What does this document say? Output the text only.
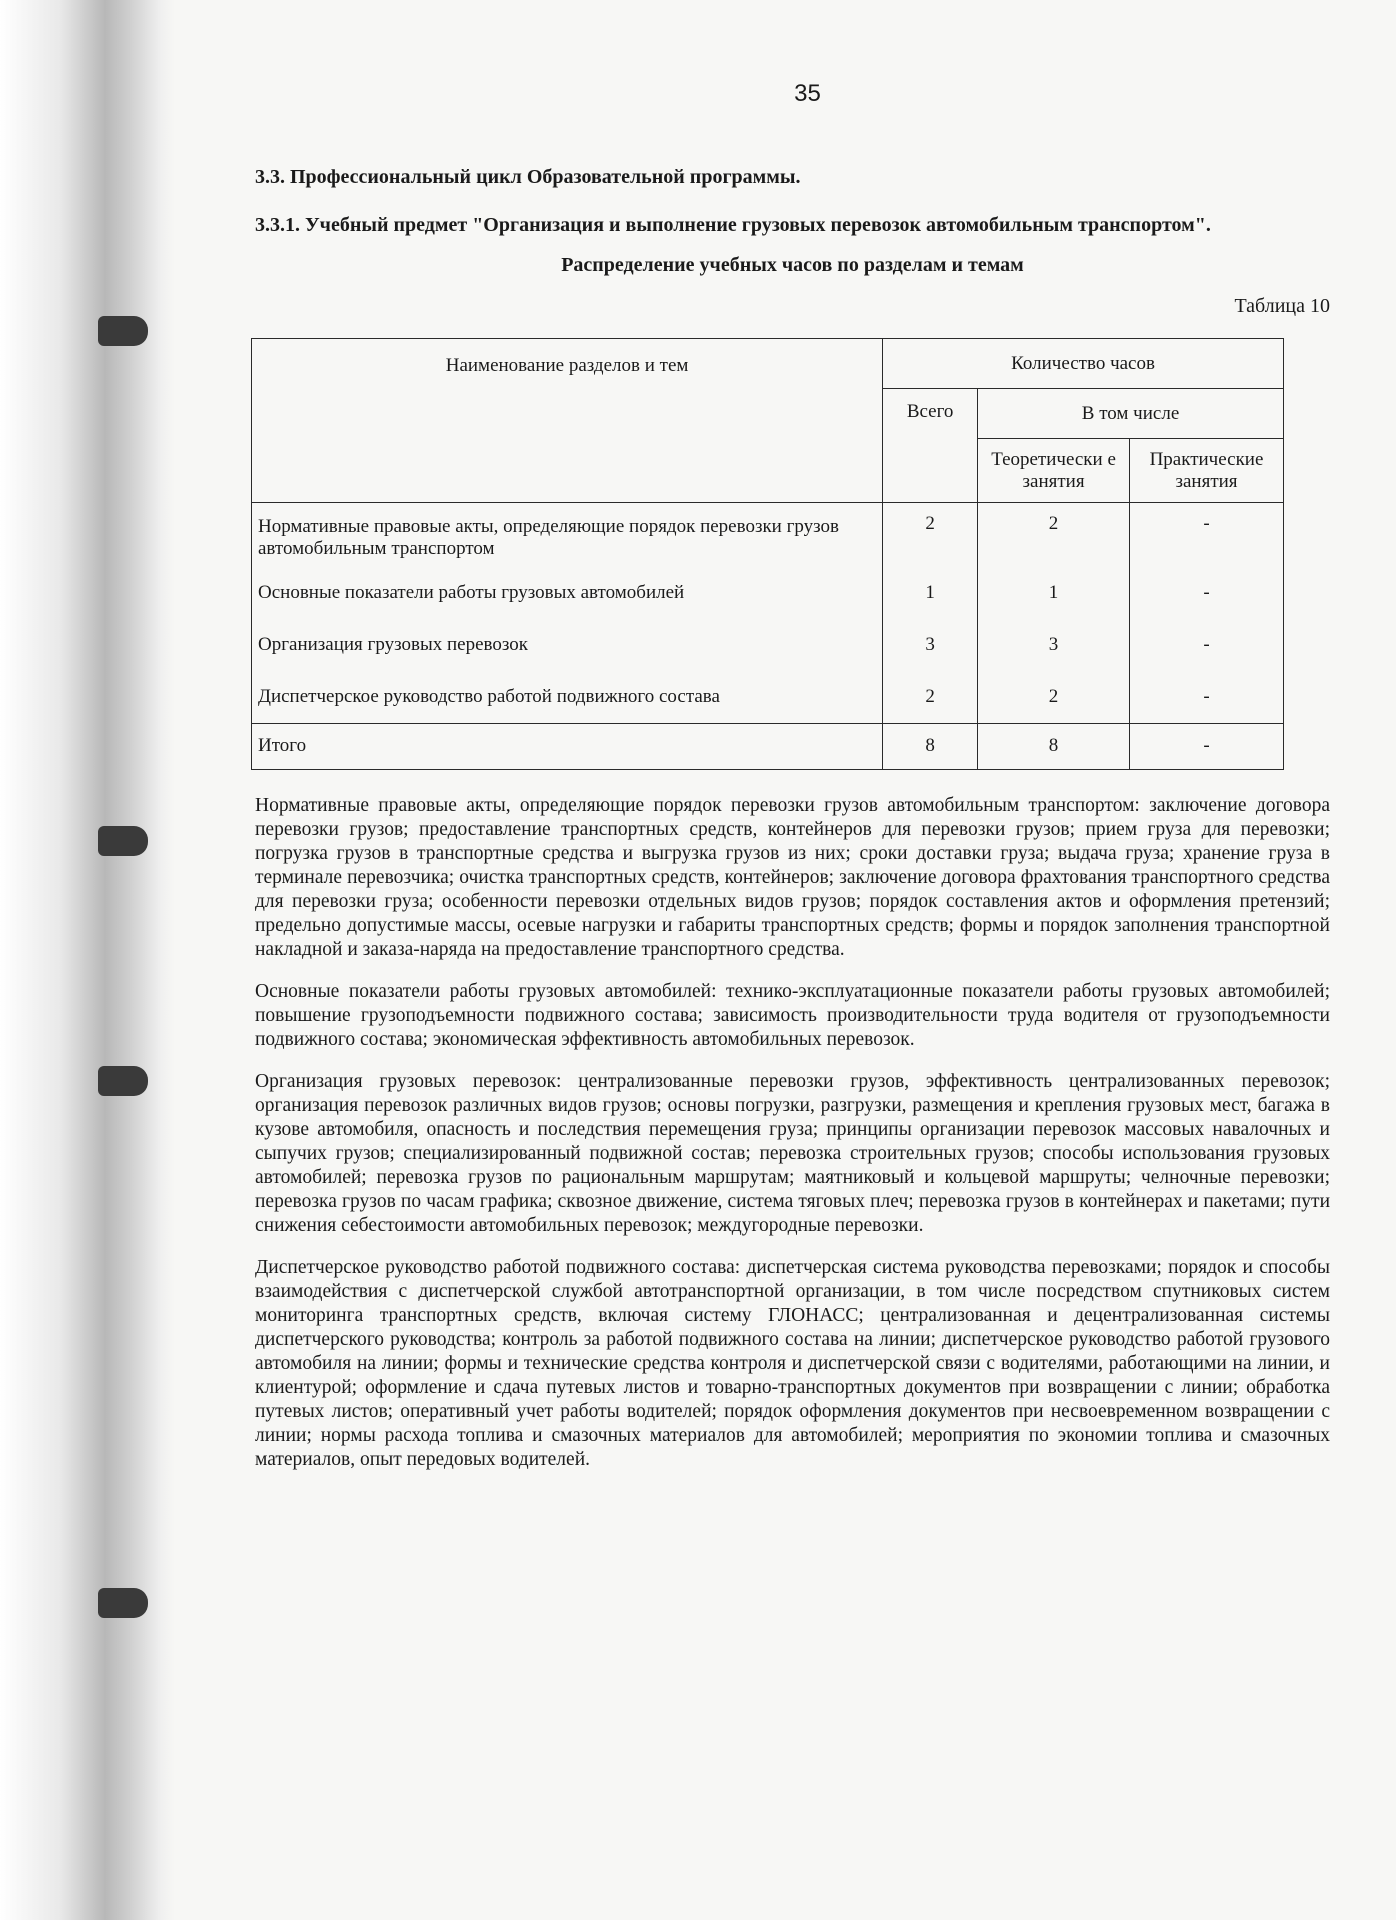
35
3.3. Профессиональный цикл Образовательной программы.
3.3.1. Учебный предмет "Организация и выполнение грузовых перевозок автомобильным транспортом".
Распределение учебных часов по разделам и темам
Таблица 10
Наименование разделов и тем	Количество часов		
	Всего	В том числе	
		Теоретически е занятия	Практические занятия
Нормативные правовые акты, определяющие порядок перевозки грузов автомобильным транспортом	2	2	-
Основные показатели работы грузовых автомобилей	1	1	-
Организация грузовых перевозок	3	3	-
Диспетчерское руководство работой подвижного состава	2	2	-
Итого	8	8	-

Нормативные правовые акты, определяющие порядок перевозки грузов автомобильным транспортом: заключение договора перевозки грузов; предоставление транспортных средств, контейнеров для перевозки грузов; прием груза для перевозки; погрузка грузов в транспортные средства и выгрузка грузов из них; сроки доставки груза; выдача груза; хранение груза в терминале перевозчика; очистка транспортных средств, контейнеров; заключение договора фрахтования транспортного средства для перевозки груза; особенности перевозки отдельных видов грузов; порядок составления актов и оформления претензий; предельно допустимые массы, осевые нагрузки и габариты транспортных средств; формы и порядок заполнения транспортной накладной и заказа-наряда на предоставление транспортного средства.

Основные показатели работы грузовых автомобилей: технико-эксплуатационные показатели работы грузовых автомобилей; повышение грузоподъемности подвижного состава; зависимость производительности труда водителя от грузоподъемности подвижного состава; экономическая эффективность автомобильных перевозок.

Организация грузовых перевозок: централизованные перевозки грузов, эффективность централизованных перевозок; организация перевозок различных видов грузов; основы погрузки, разгрузки, размещения и крепления грузовых мест, багажа в кузове автомобиля, опасность и последствия перемещения груза; принципы организации перевозок массовых навалочных и сыпучих грузов; специализированный подвижной состав; перевозка строительных грузов; способы использования грузовых автомобилей; перевозка грузов по рациональным маршрутам; маятниковый и кольцевой маршруты; челночные перевозки; перевозка грузов по часам графика; сквозное движение, система тяговых плеч; перевозка грузов в контейнерах и пакетами; пути снижения себестоимости автомобильных перевозок; междугородные перевозки.

Диспетчерское руководство работой подвижного состава: диспетчерская система руководства перевозками; порядок и способы взаимодействия с диспетчерской службой автотранспортной организации, в том числе посредством спутниковых систем мониторинга транспортных средств, включая систему ГЛОНАСС; централизованная и децентрализованная системы диспетчерского руководства; контроль за работой подвижного состава на линии; диспетчерское руководство работой грузового автомобиля на линии; формы и технические средства контроля и диспетчерской связи с водителями, работающими на линии, и клиентурой; оформление и сдача путевых листов и товарно-транспортных документов при возвращении с линии; обработка путевых листов; оперативный учет работы водителей; порядок оформления документов при несвоевременном возвращении с линии; нормы расхода топлива и смазочных материалов для автомобилей; мероприятия по экономии топлива и смазочных материалов, опыт передовых водителей.
